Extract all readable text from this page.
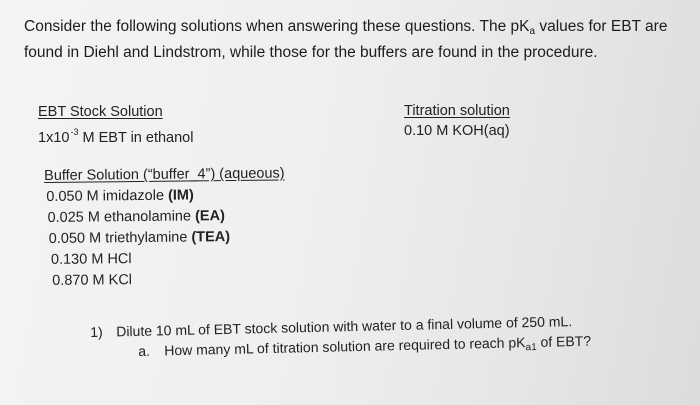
Consider the following solutions when answering these questions. The $pK_a$ values for EBT are found in Diehl and Lindstrom, while those for the buffers are found in the procedure.
EBT Stock Solution
$1x10^{-3}$ M EBT in ethanol
Titration solution
0.10 M KOH(aq)
Buffer Solution (“buffer_4”) (aqueous)
0.050 M imidazole (IM)
0.025 M ethanolamine (EA)
0.050 M triethylamine (TEA)
0.130 M HCl
0.870 M KCl
1) Dilute 10 mL of EBT stock solution with water to a final volume of 250 mL.
a. How many mL of titration solution are required to reach $pK_{a1}$ of EBT?
